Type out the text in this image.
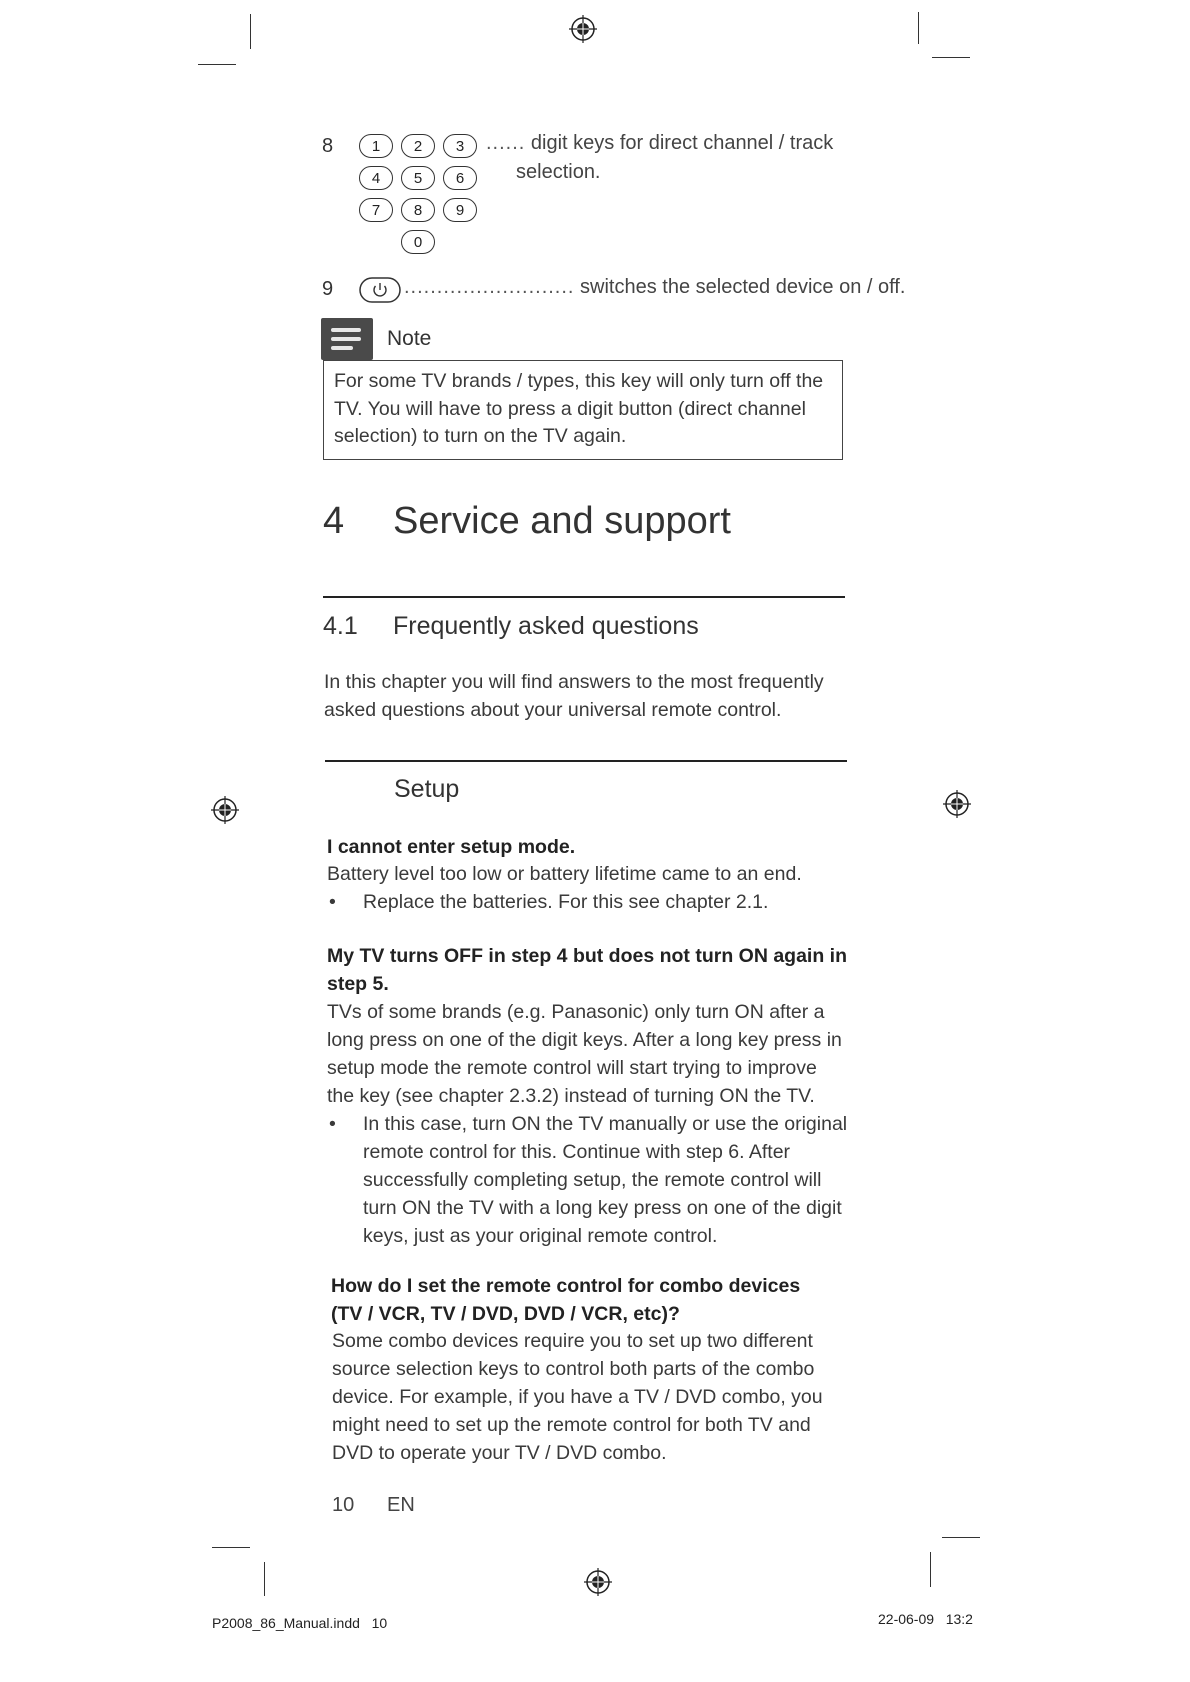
8	1	2	3
4	5	6
7	8	9
0
...... digit keys for direct channel / track
selection.
9	.......................... switches the selected device on / off.
Note
For some TV brands / types, this key will only turn off the
TV. You will have to press a digit button (direct channel
selection) to turn on the TV again.
4 Service and support
4.1 Frequently asked questions
In this chapter you will find answers to the most frequently
asked questions about your universal remote control.
Setup
I cannot enter setup mode.
Battery level too low or battery lifetime came to an end.
• Replace the batteries. For this see chapter 2.1.
My TV turns OFF in step 4 but does not turn ON again in
step 5.
TVs of some brands (e.g. Panasonic) only turn ON after a
long press on one of the digit keys. After a long key press in
setup mode the remote control will start trying to improve
the key (see chapter 2.3.2) instead of turning ON the TV.
• In this case, turn ON the TV manually or use the original
remote control for this. Continue with step 6. After
successfully completing setup, the remote control will
turn ON the TV with a long key press on one of the digit
keys, just as your original remote control.
How do I set the remote control for combo devices
(TV / VCR, TV / DVD, DVD / VCR, etc)?
Some combo devices require you to set up two different
source selection keys to control both parts of the combo
device. For example, if you have a TV / DVD combo, you
might need to set up the remote control for both TV and
DVD to operate your TV / DVD combo.
10 EN
P2008_86_Manual.indd   10	22-06-09   13:2
